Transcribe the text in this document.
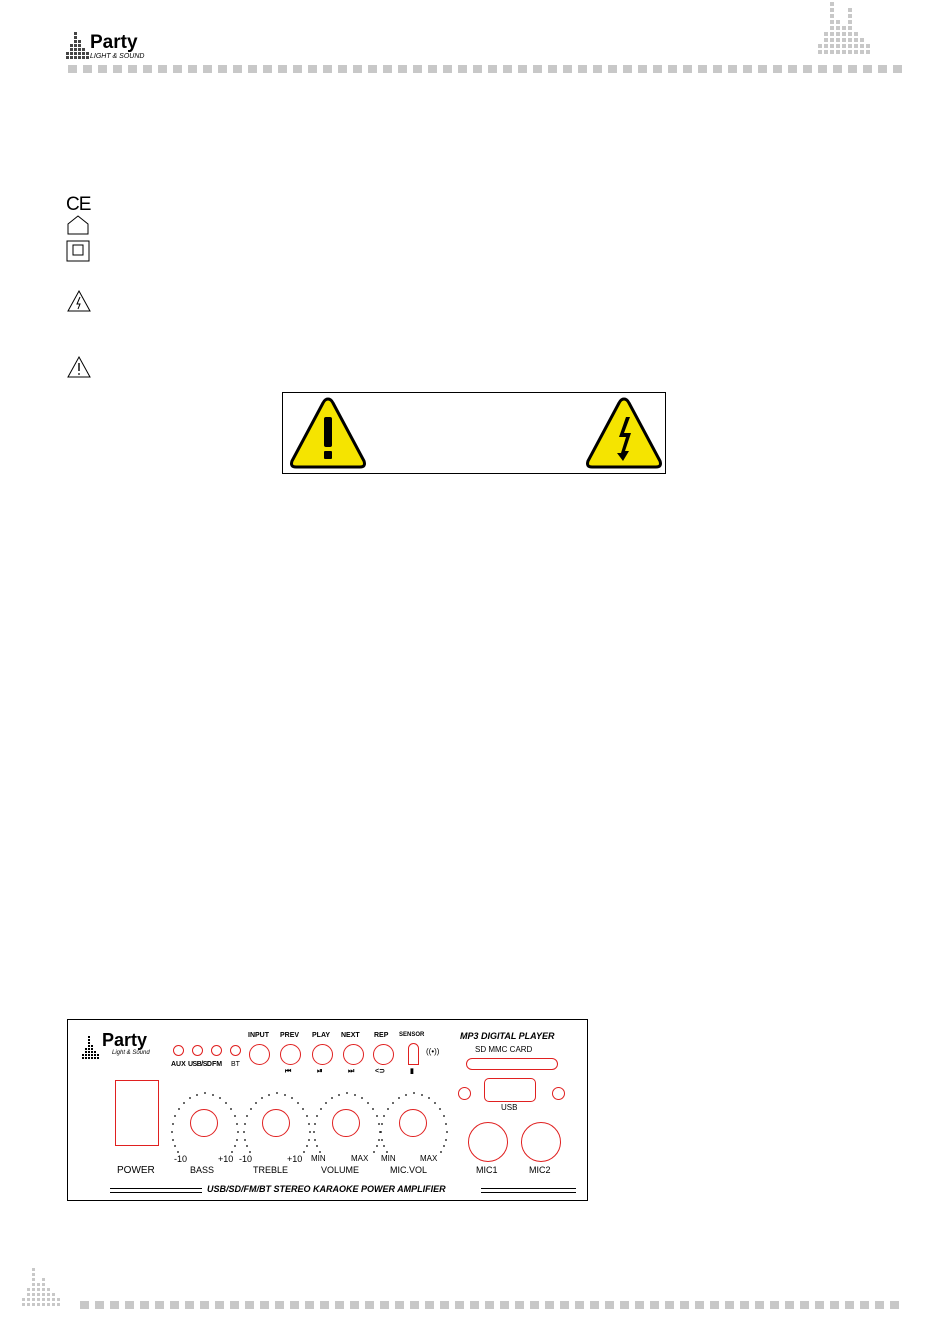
Party
LIGHT & SOUND
CE
Party
Light & Sound
AUX USB/SD FM BT
INPUT PREV
⏮
PLAY
⏯
NEXT
⏭
REP
<⊃
SENSOR
▮
((•))
MP3 DIGITAL PLAYER
SD MMC CARD
USB
POWER
-10	+10
BASS
-10	+10
TREBLE
MIN	MAX
VOLUME
MIN	MAX
MIC.VOL	MIC1	MIC2
USB/SD/FM/BT STEREO KARAOKE POWER AMPLIFIER
